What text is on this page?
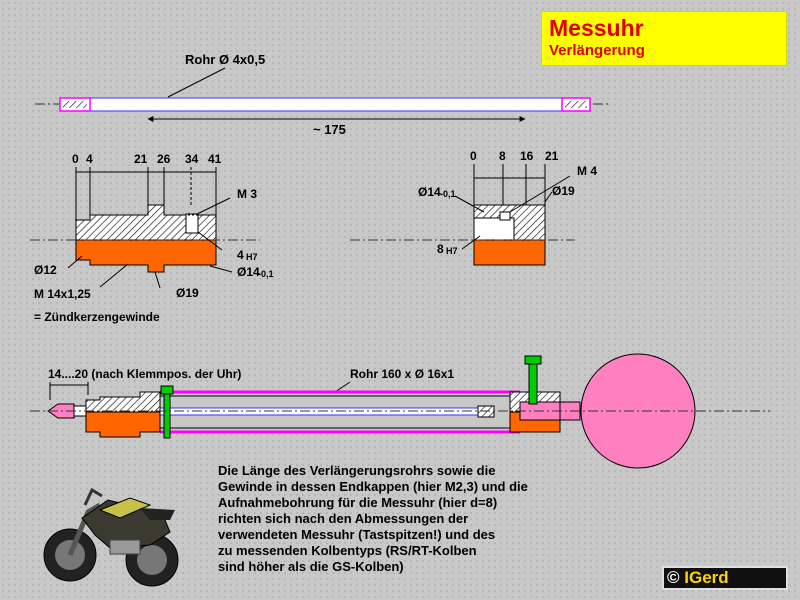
Rohr Ø 4x0,5
~ 175
0 4	21 26 34 41
M 3
4 H7
Ø14
-0,1
Ø12
M 14x1,25	Ø19
= Zündkerzengewinde
0 8 16 21
M 4
Ø14 -0,1	Ø19
8 H7
14....20 (nach Klemmpos. der Uhr)	Rohr 160 x Ø 16x1
Messuhr
Verlängerung
Die Länge des Verlängerungsrohrs sowie die
Gewinde in dessen Endkappen (hier M2,3) und die
Aufnahmebohrung für die Messuhr (hier d=8)
richten sich nach den Abmessungen der
verwendeten Messuhr (Tastspitzen!) und des
zu messenden Kolbentyps (RS/RT-Kolben
sind höher als die GS-Kolben)
© IGerd
